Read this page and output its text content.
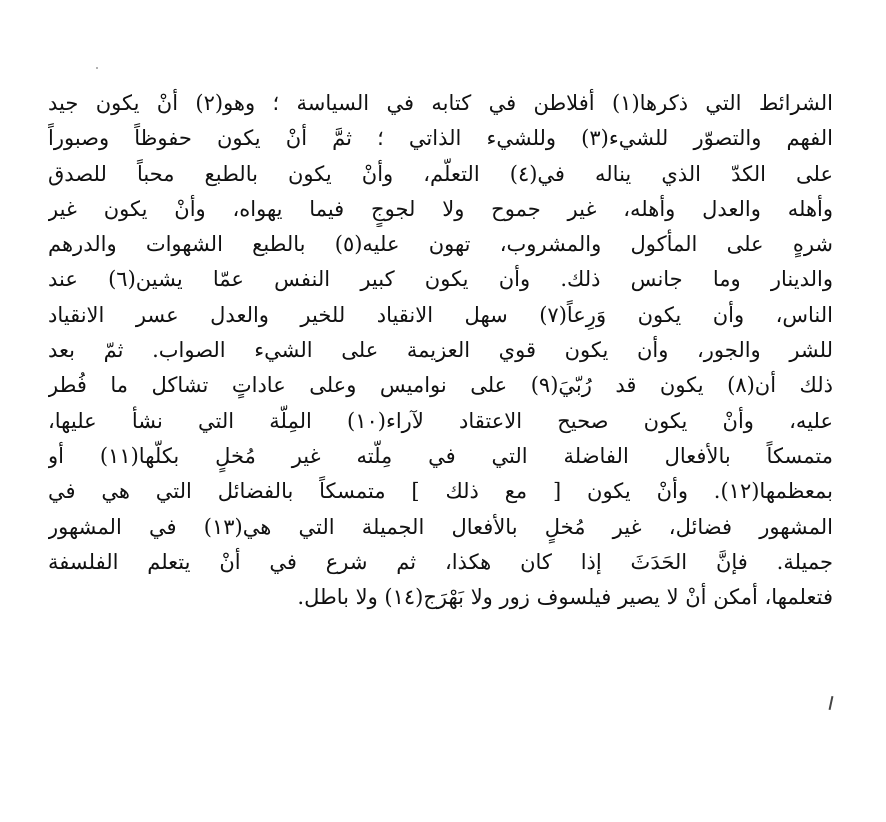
الشرائط التي ذكرها(١) أفلاطن في كتابه في السياسة ؛ وهو(٢) أنْ يكون جيد
الفهم والتصوّر للشيء(٣) وللشيء الذاتي ؛ ثمَّ أنْ يكون حفوظاً وصبوراً
على الكدّ الذي يناله في(٤) التعلّم، وأنْ يكون بالطبع محباً للصدق
وأهله والعدل وأهله، غير جموح ولا لجوجٍ فيما يهواه، وأنْ يكون غير
شرهٍ على المأكول والمشروب، تهون عليه(٥) بالطبع الشهوات والدرهم
والدينار وما جانس ذلك. وأن يكون كبير النفس عمّا يشين(٦) عند
الناس، وأن يكون وَرِعاً(٧) سهل الانقياد للخير والعدل عسر الانقياد
للشر والجور، وأن يكون قوي العزيمة على الشيء الصواب. ثمّ بعد
ذلك أن(٨) يكون قد رُبّيَ(٩) على نواميس وعلى عاداتٍ تشاكل ما فُطر
عليه، وأنْ يكون صحيح الاعتقاد لآراء(١٠) المِلّة التي نشأ عليها،
متمسكاً بالأفعال الفاضلة التي في مِلّته غير مُخلٍ بكلّها(١١) أو
بمعظمها(١٢). وأنْ يكون [ مع ذلك ] متمسكاً بالفضائل التي هي في
المشهور فضائل، غير مُخلٍ بالأفعال الجميلة التي هي(١٣) في المشهور
جميلة. فإنَّ الحَدَثَ إذا كان هكذا، ثم شرع في أنْ يتعلم الفلسفة
فتعلمها، أمكن أنْ لا يصير فيلسوف زور ولا بَهْرَج(١٤) ولا باطل.
